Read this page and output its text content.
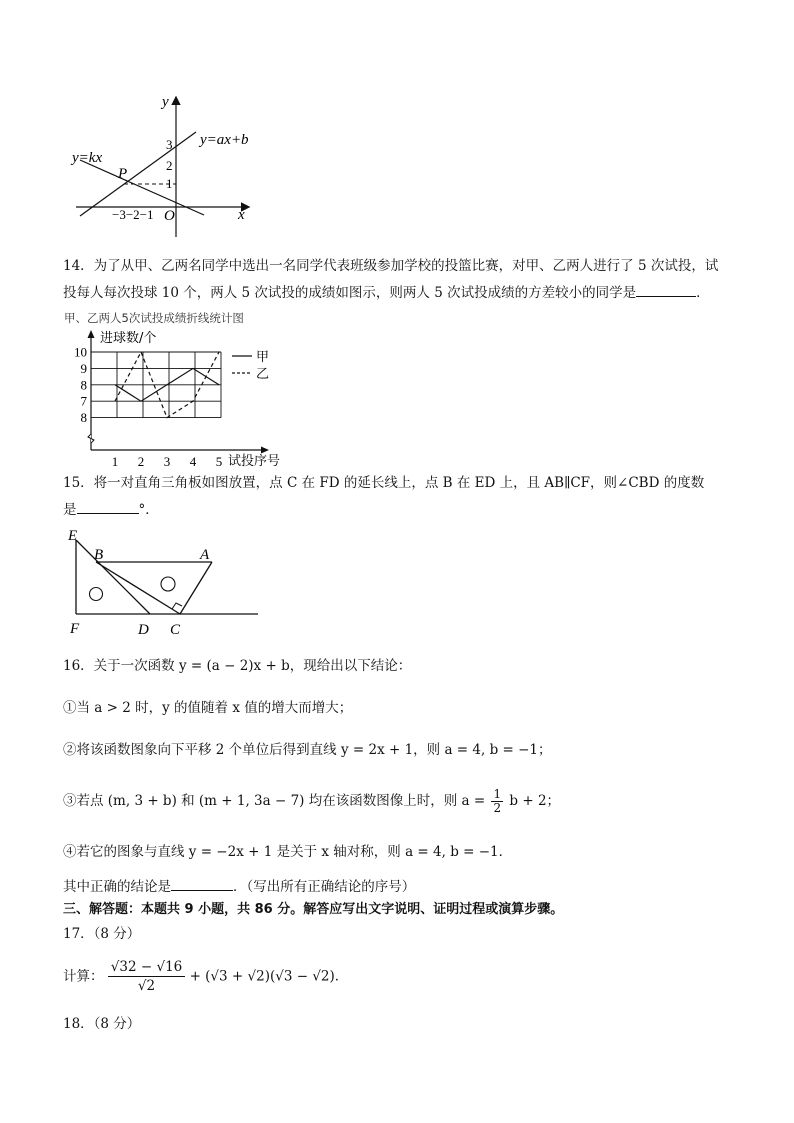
y
x
y=ax+b
y=kx
P
O
3
2
1
−3−2−1
14．为了从甲、乙两名同学中选出一名同学代表班级参加学校的投篮比赛，对甲、乙两人进行了 5 次试投，试
投每人每次投球 10 个，两人 5 次试投的成绩如图示，则两人 5 次试投成绩的方差较小的同学是	．
甲、乙两人5次试投成绩折线统计图
进球数/个
试投序号
10
9
8
7
8
1 2 3 4 5
甲
乙
15．将一对直角三角板如图放置，点 C 在 FD 的延长线上，点 B 在 ED 上，且 AB∥CF，则∠CBD 的度数
是	°．
E
B	A
F	D C
16．关于一次函数 y = (a − 2)x + b，现给出以下结论：
①当 a > 2 时，y 的值随着 x 值的增大而增大；
②将该函数图象向下平移 2 个单位后得到直线 y = 2x + 1，则 a = 4, b = −1；
③若点 (m, 3 + b) 和 (m + 1, 3a − 7) 均在该函数图像上时，则 $a = \frac{1}{2}$ b + 2；
④若它的图象与直线 y = −2x + 1 是关于 x 轴对称，则 a = 4, b = −1．
其中正确的结论是	．（写出所有正确结论的序号）
三、解答题：本题共 9 小题，共 86 分。解答应写出文字说明、证明过程或演算步骤。
17．（8 分）
计算： $\frac{√32 - √16}{√2} + (√3 + √2)(√3 - √2)$．
18．（8 分）
